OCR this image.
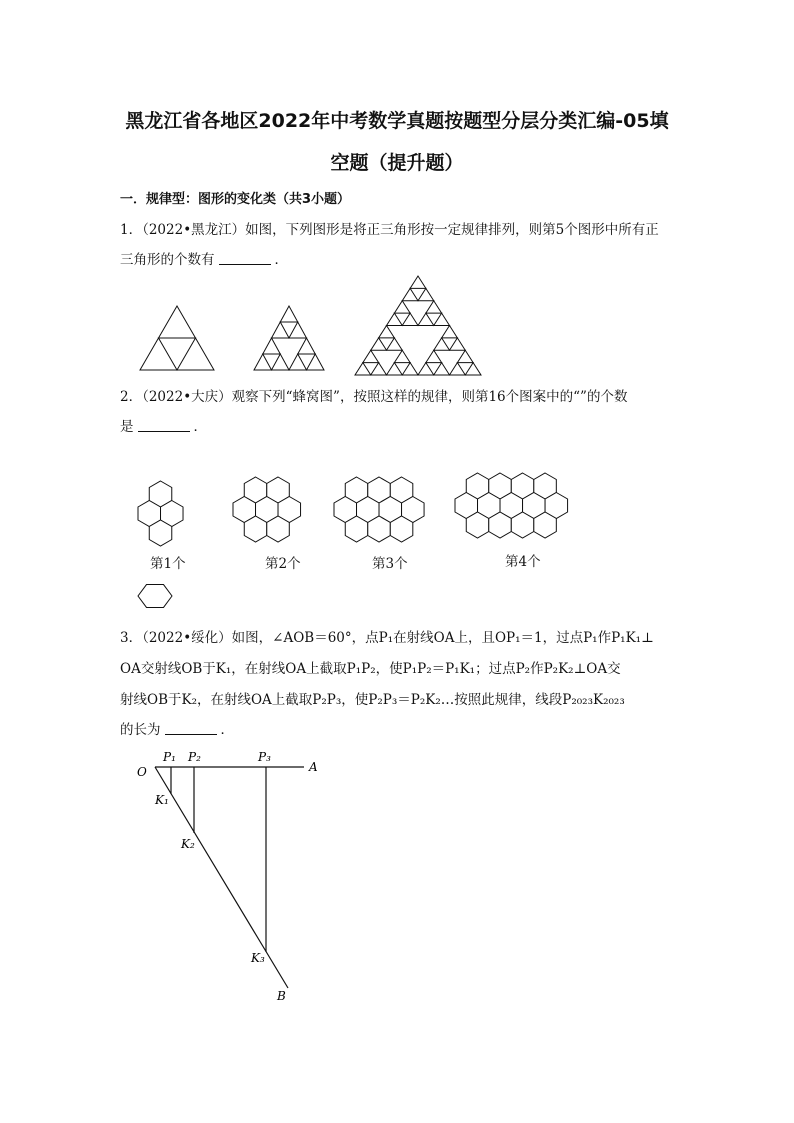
黑龙江省各地区2022年中考数学真题按题型分层分类汇编-05填
空题（提升题）
一．规律型：图形的变化类（共3小题）
1．（2022•黑龙江）如图，下列图形是将正三角形按一定规律排列，则第5个图形中所有正
三角形的个数有	．
2．（2022•大庆）观察下列“蜂窝图”，按照这样的规律，则第16个图案中的“”的个数
是	．
第1个	第2个	第3个	第4个
3．（2022•绥化）如图，∠AOB＝60°，点P₁在射线OA上，且OP₁＝1，过点P₁作P₁K₁⊥
OA交射线OB于K₁，在射线OA上截取P₁P₂，使P₁P₂＝P₁K₁；过点P₂作P₂K₂⊥OA交
射线OB于K₂，在射线OA上截取P₂P₃，使P₂P₃＝P₂K₂…按照此规律，线段P₂₀₂₃K₂₀₂₃
的长为	．
O	A
B
P₁ P₂	P₃
K₁
K₂
K₃
